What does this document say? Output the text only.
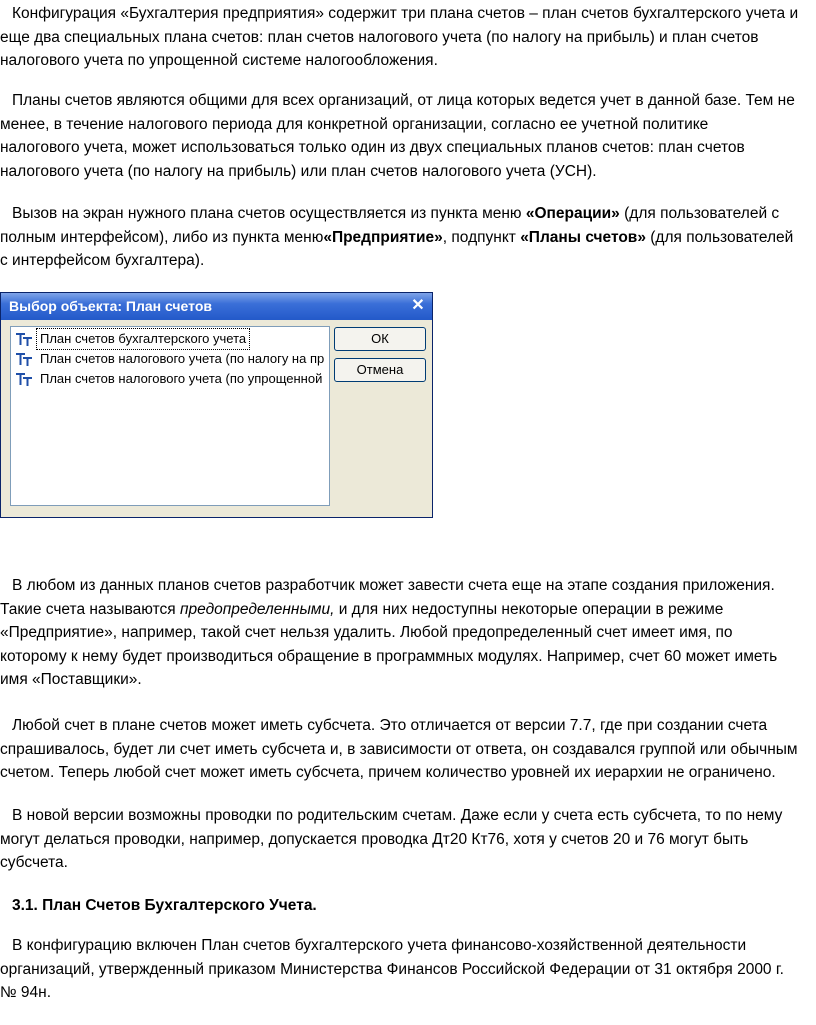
Конфигурация «Бухгалтерия предприятия» содержит три плана счетов – план счетов бухгалтерского учета и
еще два специальных плана счетов: план счетов налогового учета (по налогу на прибыль) и план счетов
налогового учета по упрощенной системе налогообложения.
Планы счетов являются общими для всех организаций, от лица которых ведется учет в данной базе. Тем не
менее, в течение налогового периода для конкретной организации, согласно ее учетной политике
налогового учета, может использоваться только один из двух специальных планов счетов: план счетов
налогового учета (по налогу на прибыль) или план счетов налогового учета (УСН).
Вызов на экран нужного плана счетов осуществляется из пункта меню «Операции» (для пользователей с
полным интерфейсом), либо из пункта меню«Предприятие», подпункт «Планы счетов» (для пользователей
с интерфейсом бухгалтера).
В любом из данных планов счетов разработчик может завести счета еще на этапе создания приложения.
Такие счета называются предопределенными, и для них недоступны некоторые операции в режиме
«Предприятие», например, такой счет нельзя удалить. Любой предопределенный счет имеет имя, по
которому к нему будет производиться обращение в программных модулях. Например, счет 60 может иметь
имя «Поставщики».
Любой счет в плане счетов может иметь субсчета. Это отличается от версии 7.7, где при создании счета
спрашивалось, будет ли счет иметь субсчета и, в зависимости от ответа, он создавался группой или обычным
счетом. Теперь любой счет может иметь субсчета, причем количество уровней их иерархии не ограничено.
В новой версии возможны проводки по родительским счетам. Даже если у счета есть субсчета, то по нему
могут делаться проводки, например, допускается проводка Дт20 Кт76, хотя у счетов 20 и 76 могут быть
субсчета.
3.1. План Счетов Бухгалтерского Учета.
В конфигурацию включен План счетов бухгалтерского учета финансово-хозяйственной деятельности
организаций, утвержденный приказом Министерства Финансов Российской Федерации от 31 октября 2000 г.
№ 94н.
Выбор объекта: План счетов	✕
План счетов бухгалтерского учета
План счетов налогового учета (по налогу на пр
План счетов налогового учета (по упрощенной
ОК
Отмена
